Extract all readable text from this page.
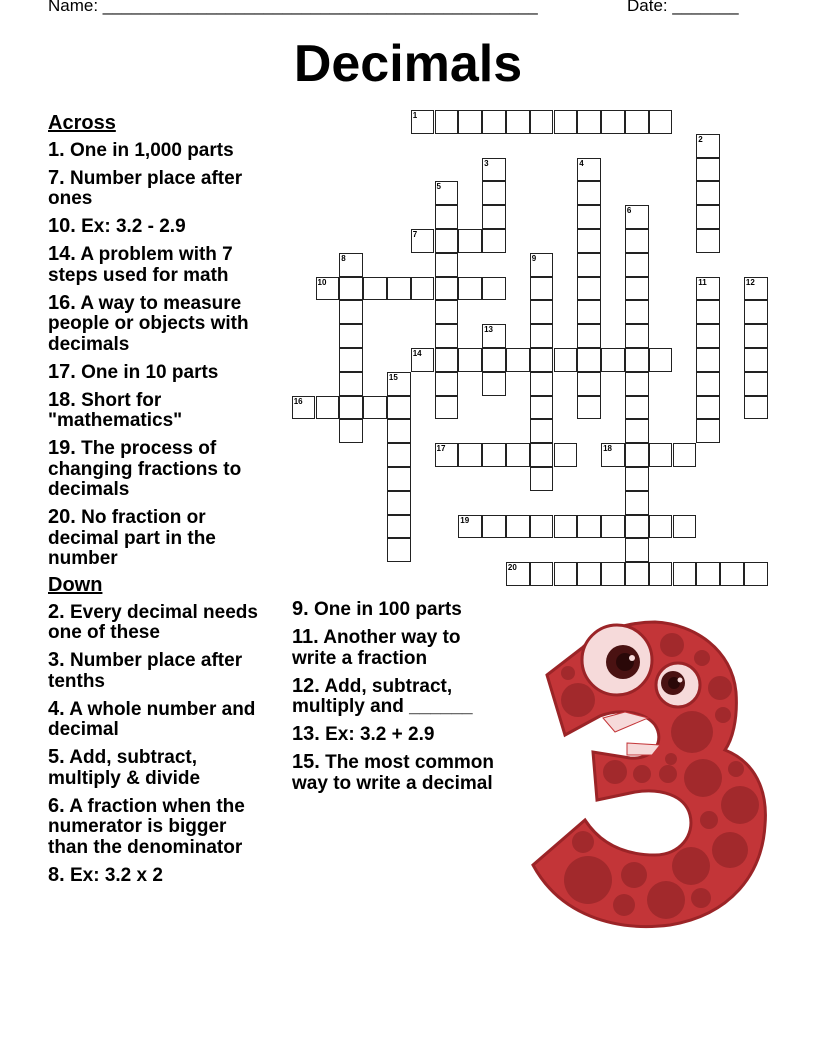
Name: ______________________________________________	Date: _______
Decimals
1
2
3	4
5
6
7
8	9
10	11	12
13
14
15
16
17	18
19
20
Across
1. One in 1,000 parts
7. Number place after ones
10. Ex: 3.2 - 2.9
14. A problem with 7 steps used for math
16. A way to measure people or objects with decimals
17. One in 10 parts
18. Short for "mathematics"
19. The process of changing fractions to decimals
20. No fraction or decimal part in the number
Down
2. Every decimal needs one of these
3. Number place after tenths
4. A whole number and decimal
5. Add, subtract, multiply & divide
6. A fraction when the numerator is bigger than the denominator
8. Ex: 3.2 x 2
9. One in 100 parts
11. Another way to write a fraction
12. Add, subtract, multiply and ______
13. Ex: 3.2 + 2.9
15. The most common way to write a decimal
